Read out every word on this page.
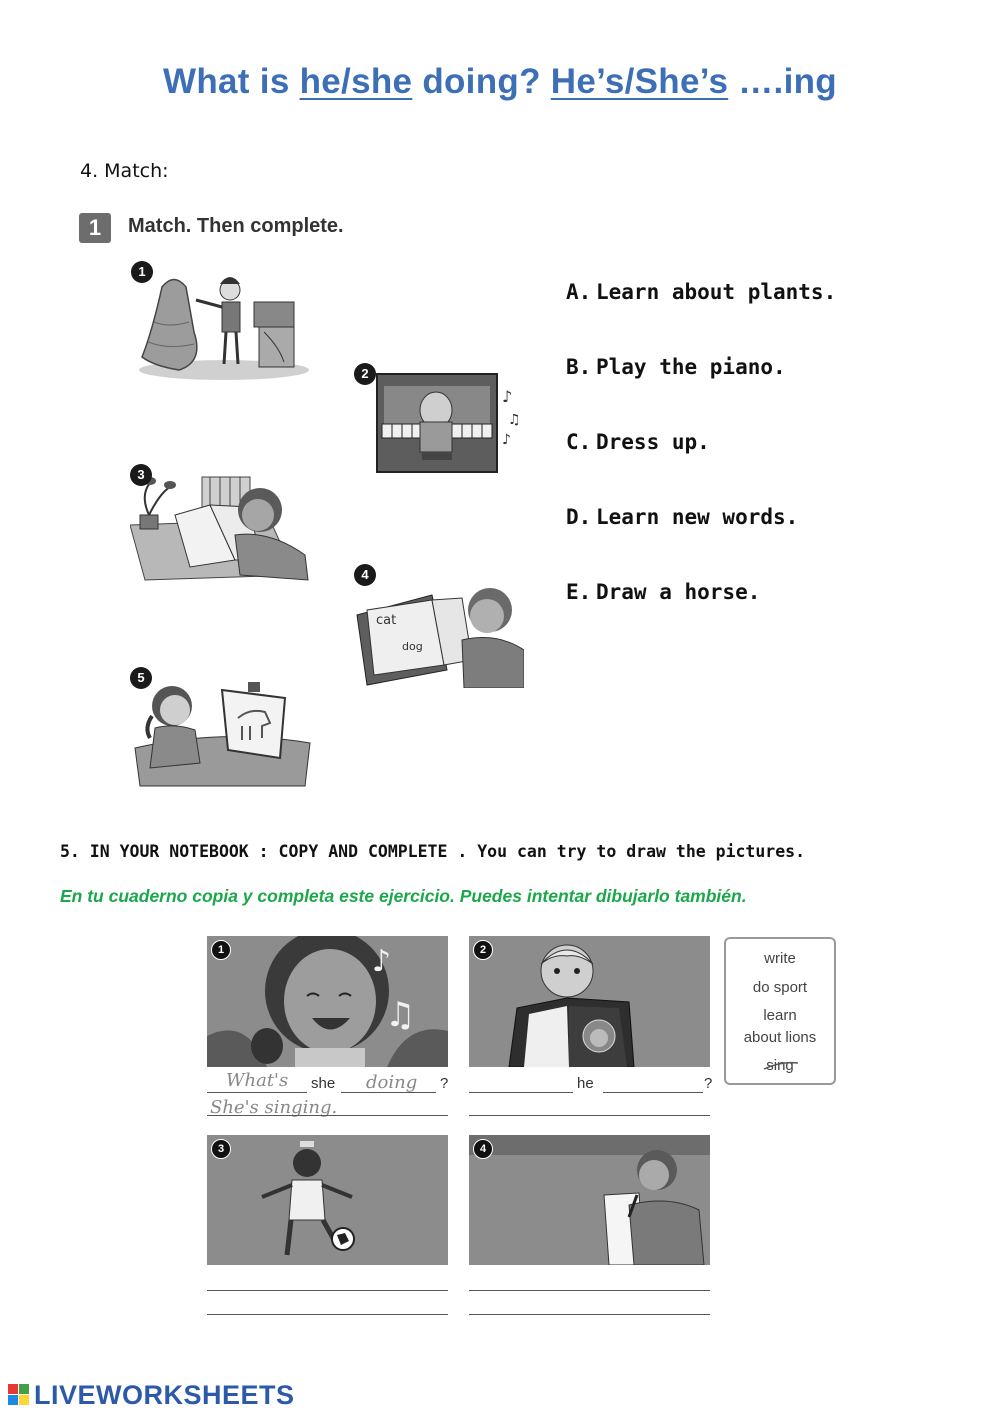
What is he/she doing? He’s/She’s ….ing
4. Match:
1	Match. Then complete.
1
♪
♫
♪
2
3
cat
dog
4
5
A. Learn about plants.
B. Play the piano.
C. Dress up.
D. Learn new words.
E. Draw a horse.
5. IN YOUR NOTEBOOK : COPY AND COMPLETE . You can try to draw the pictures.
En tu cuaderno copia y completa este ejercicio. Puedes intentar dibujarlo también.
♪
♫
1
What's she doing ?
She's singing.
2
he	?
write
do sport
learn
about lions
sing
3	4
LIVEWORKSHEETS
